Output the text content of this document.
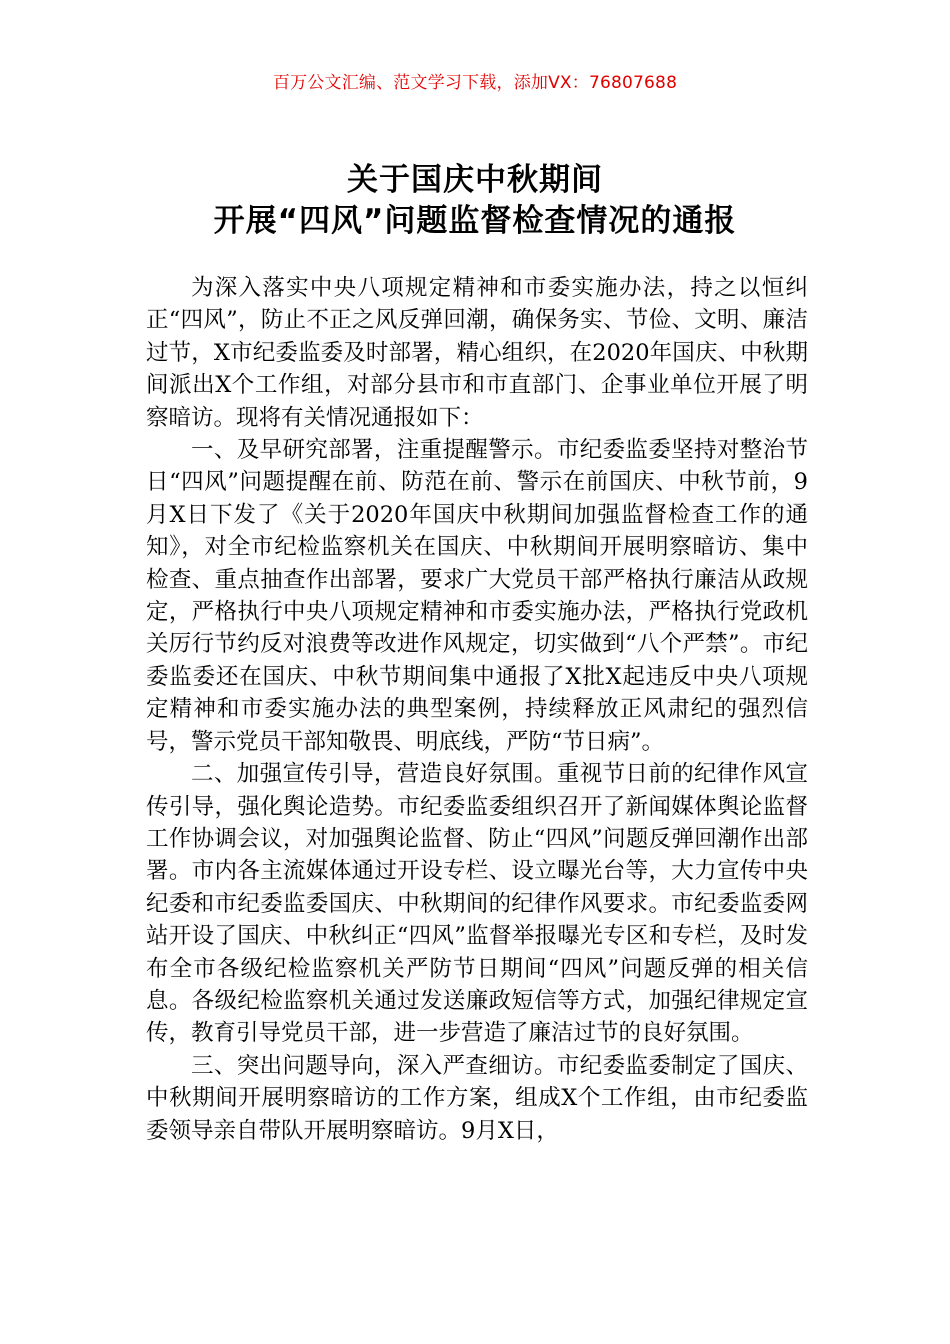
百万公文汇编、范文学习下载，添加VX：76807688
关于国庆中秋期间
开展“四风”问题监督检查情况的通报

为深入落实中央八项规定精神和市委实施办法，持之以恒纠正“四风”，防止不正之风反弹回潮，确保务实、节俭、文明、廉洁过节，X市纪委监委及时部署，精心组织，在2020年国庆、中秋期间派出X个工作组，对部分县市和市直部门、企事业单位开展了明察暗访。现将有关情况通报如下：

一、及早研究部署，注重提醒警示。市纪委监委坚持对整治节日“四风”问题提醒在前、防范在前、警示在前国庆、中秋节前，9月X日下发了《关于2020年国庆中秋期间加强监督检查工作的通知》，对全市纪检监察机关在国庆、中秋期间开展明察暗访、集中检查、重点抽查作出部署，要求广大党员干部严格执行廉洁从政规定，严格执行中央八项规定精神和市委实施办法，严格执行党政机关厉行节约反对浪费等改进作风规定，切实做到“八个严禁”。市纪委监委还在国庆、中秋节期间集中通报了X批X起违反中央八项规定精神和市委实施办法的典型案例，持续释放正风肃纪的强烈信号，警示党员干部知敬畏、明底线，严防“节日病”。

二、加强宣传引导，营造良好氛围。重视节日前的纪律作风宣传引导，强化舆论造势。市纪委监委组织召开了新闻媒体舆论监督工作协调会议，对加强舆论监督、防止“四风”问题反弹回潮作出部署。市内各主流媒体通过开设专栏、设立曝光台等，大力宣传中央纪委和市纪委监委国庆、中秋期间的纪律作风要求。市纪委监委网站开设了国庆、中秋纠正“四风”监督举报曝光专区和专栏，及时发布全市各级纪检监察机关严防节日期间“四风”问题反弹的相关信息。各级纪检监察机关通过发送廉政短信等方式，加强纪律规定宣传，教育引导党员干部，进一步营造了廉洁过节的良好氛围。

三、突出问题导向，深入严查细访。市纪委监委制定了国庆、中秋期间开展明察暗访的工作方案，组成X个工作组，由市纪委监委领导亲自带队开展明察暗访。9月X日，
